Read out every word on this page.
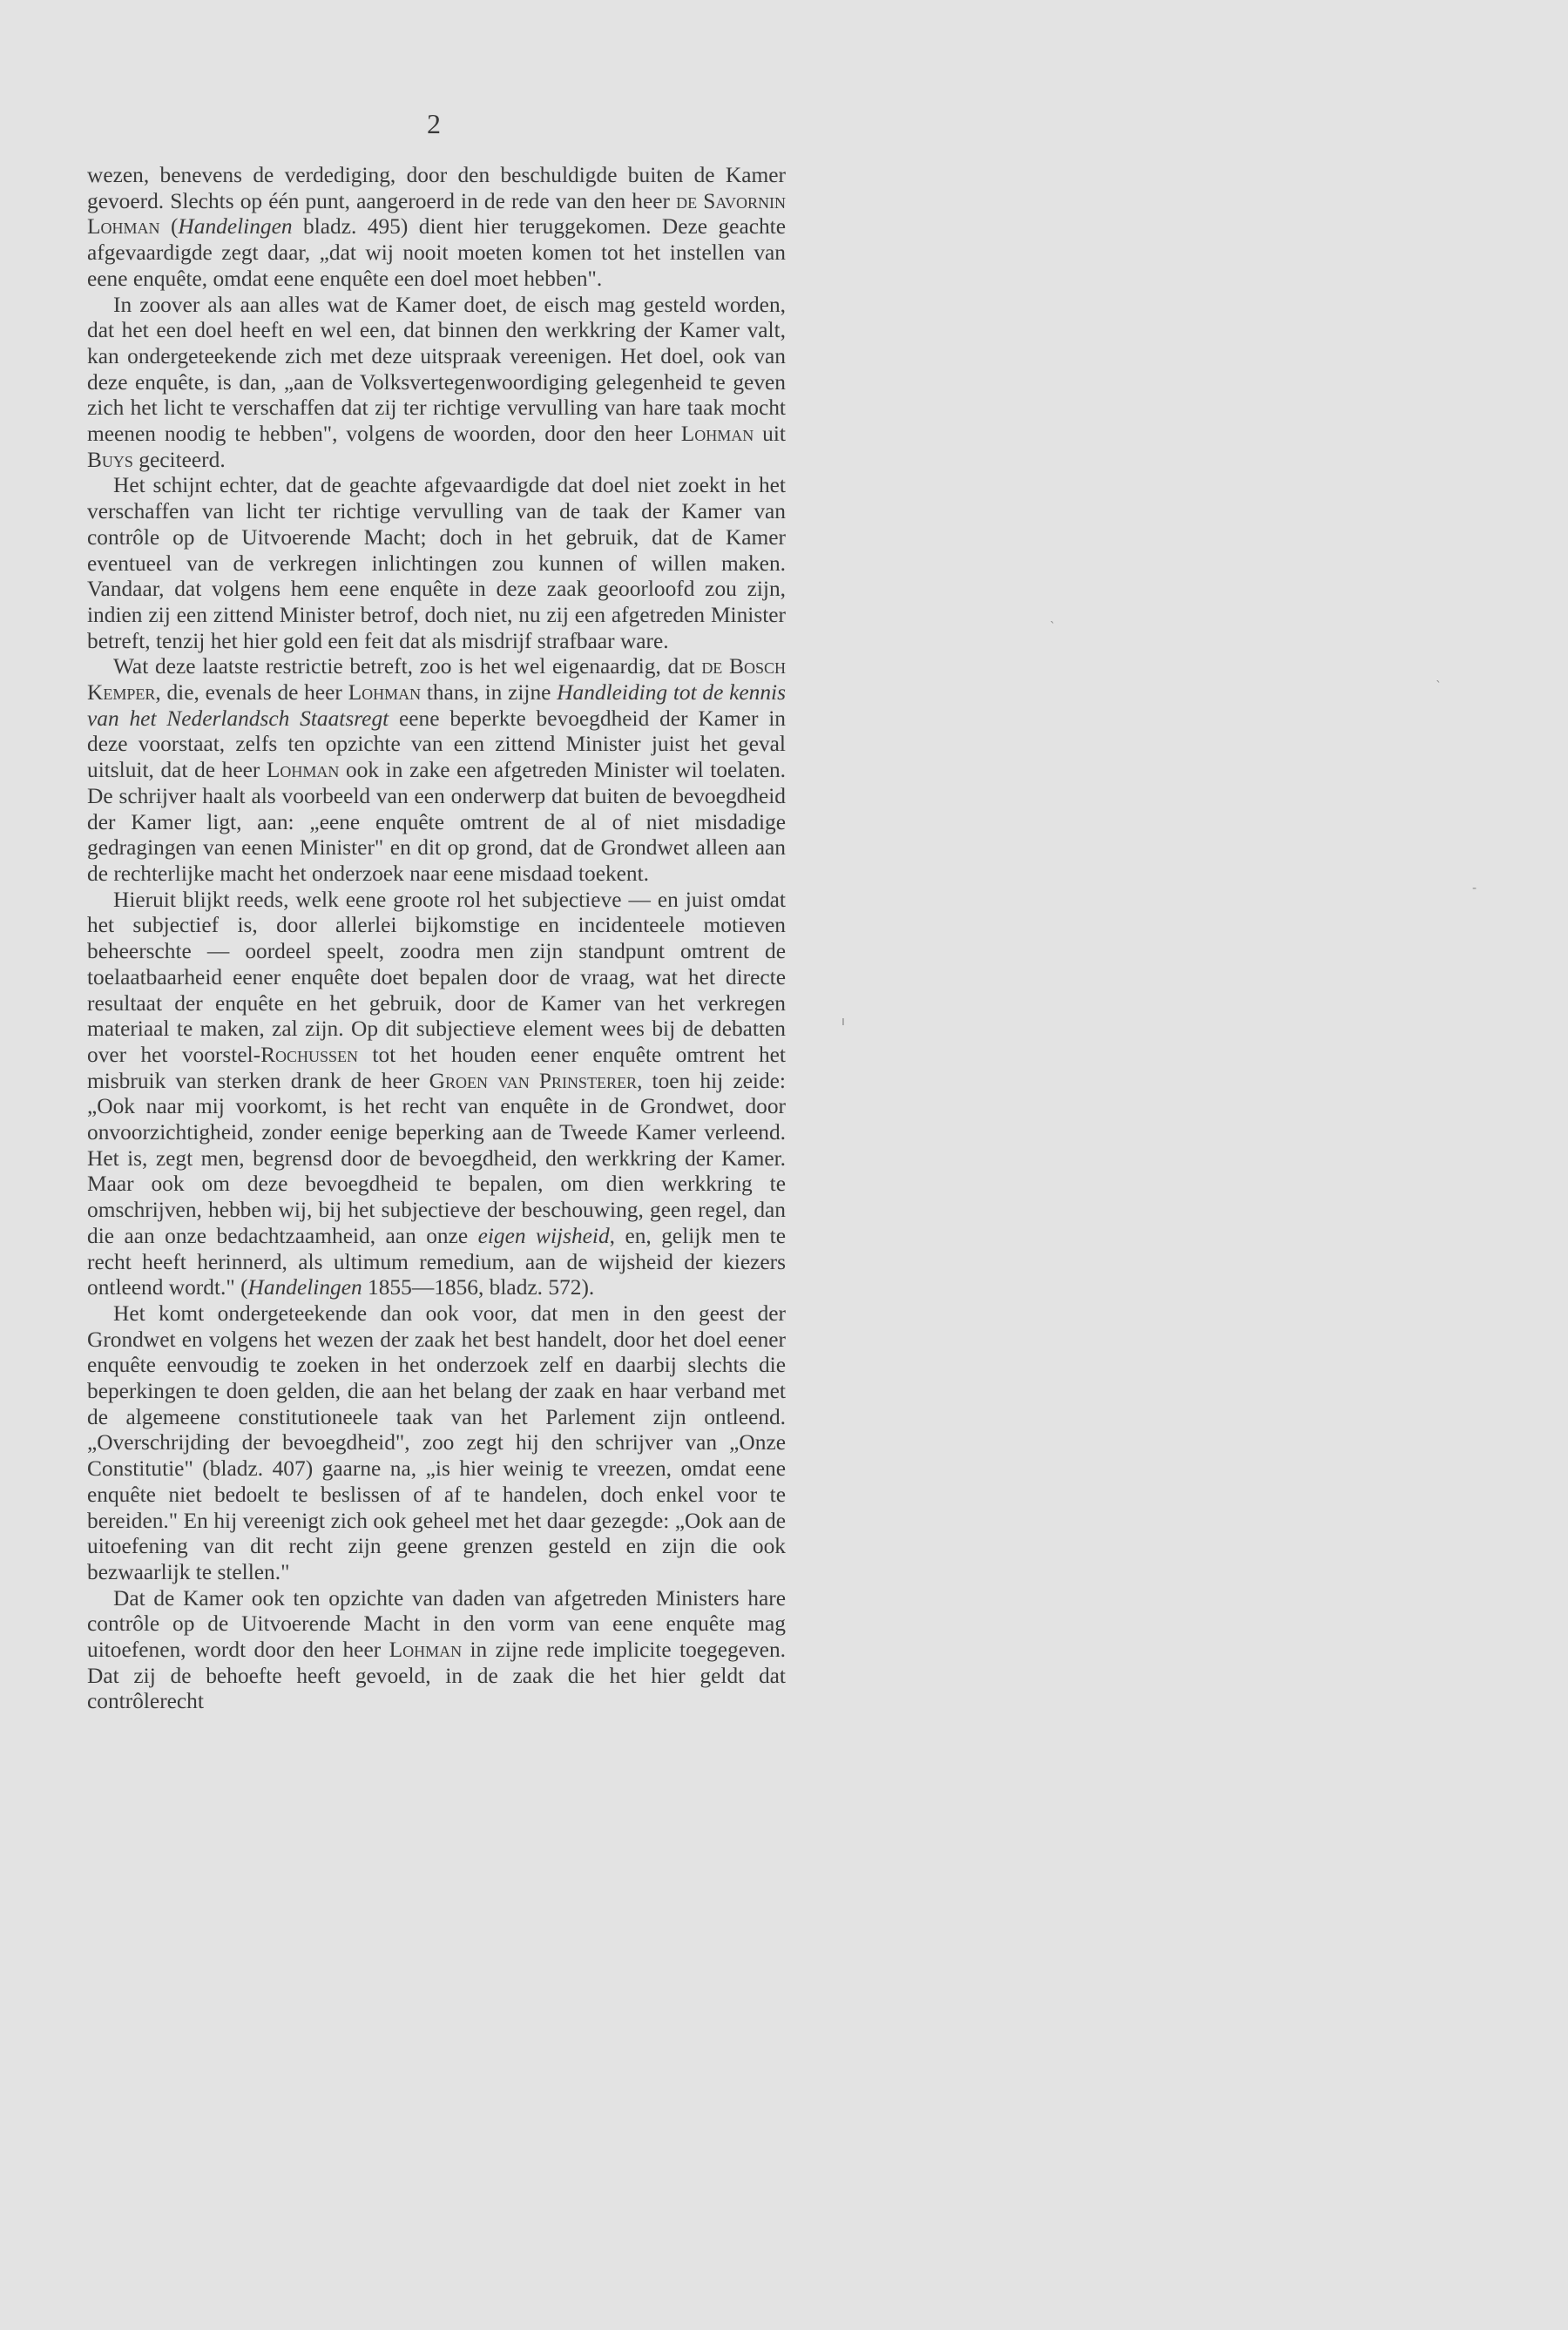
2

wezen, benevens de verdediging, door den beschuldigde buiten de Kamer gevoerd. Slechts op één punt, aangeroerd in de rede van den heer de Savornin Lohman (Handelingen bladz. 495) dient hier teruggekomen. Deze geachte afgevaardigde zegt daar, „dat wij nooit moeten komen tot het instellen van eene enquête, omdat eene enquête een doel moet hebben".

In zoover als aan alles wat de Kamer doet, de eisch mag gesteld worden, dat het een doel heeft en wel een, dat binnen den werkkring der Kamer valt, kan ondergeteekende zich met deze uitspraak vereenigen. Het doel, ook van deze enquête, is dan, „aan de Volksvertegenwoordiging gelegenheid te geven zich het licht te verschaffen dat zij ter richtige vervulling van hare taak mocht meenen noodig te hebben", volgens de woorden, door den heer Lohman uit Buys geciteerd.

Het schijnt echter, dat de geachte afgevaardigde dat doel niet zoekt in het verschaffen van licht ter richtige vervulling van de taak der Kamer van contrôle op de Uitvoerende Macht; doch in het gebruik, dat de Kamer eventueel van de verkregen inlichtingen zou kunnen of willen maken. Vandaar, dat volgens hem eene enquête in deze zaak geoorloofd zou zijn, indien zij een zittend Minister betrof, doch niet, nu zij een afgetreden Minister betreft, tenzij het hier gold een feit dat als misdrijf strafbaar ware.

Wat deze laatste restrictie betreft, zoo is het wel eigenaardig, dat de Bosch Kemper, die, evenals de heer Lohman thans, in zijne Handleiding tot de kennis van het Nederlandsch Staatsregt eene beperkte bevoegdheid der Kamer in deze voorstaat, zelfs ten opzichte van een zittend Minister juist het geval uitsluit, dat de heer Lohman ook in zake een afgetreden Minister wil toelaten. De schrijver haalt als voorbeeld van een onderwerp dat buiten de bevoegdheid der Kamer ligt, aan: „eene enquête omtrent de al of niet misdadige gedragingen van eenen Minister" en dit op grond, dat de Grondwet alleen aan de rechterlijke macht het onderzoek naar eene misdaad toekent.

Hieruit blijkt reeds, welk eene groote rol het subjectieve — en juist omdat het subjectief is, door allerlei bijkomstige en incidenteele motieven beheerschte — oordeel speelt, zoodra men zijn standpunt omtrent de toelaatbaarheid eener enquête doet bepalen door de vraag, wat het directe resultaat der enquête en het gebruik, door de Kamer van het verkregen materiaal te maken, zal zijn. Op dit subjectieve element wees bij de debatten over het voorstel-Rochussen tot het houden eener enquête omtrent het misbruik van sterken drank de heer Groen van Prinsterer, toen hij zeide: „Ook naar mij voorkomt, is het recht van enquête in de Grondwet, door onvoorzichtigheid, zonder eenige beperking aan de Tweede Kamer verleend. Het is, zegt men, begrensd door de bevoegdheid, den werkkring der Kamer. Maar ook om deze bevoegdheid te bepalen, om dien werkkring te omschrijven, hebben wij, bij het subjectieve der beschouwing, geen regel, dan die aan onze bedachtzaamheid, aan onze eigen wijsheid, en, gelijk men te recht heeft herinnerd, als ultimum remedium, aan de wijsheid der kiezers ontleend wordt." (Handelingen 1855—1856, bladz. 572).

Het komt ondergeteekende dan ook voor, dat men in den geest der Grondwet en volgens het wezen der zaak het best handelt, door het doel eener enquête eenvoudig te zoeken in het onderzoek zelf en daarbij slechts die beperkingen te doen gelden, die aan het belang der zaak en haar verband met de algemeene constitutioneele taak van het Parlement zijn ontleend. „Overschrijding der bevoegdheid", zoo zegt hij den schrijver van „Onze Constitutie" (bladz. 407) gaarne na, „is hier weinig te vreezen, omdat eene enquête niet bedoelt te beslissen of af te handelen, doch enkel voor te bereiden." En hij vereenigt zich ook geheel met het daar gezegde: „Ook aan de uitoefening van dit recht zijn geene grenzen gesteld en zijn die ook bezwaarlijk te stellen."

Dat de Kamer ook ten opzichte van daden van afgetreden Ministers hare contrôle op de Uitvoerende Macht in den vorm van eene enquête mag uitoefenen, wordt door den heer Lohman in zijne rede implicite toegegeven. Dat zij de behoefte heeft gevoeld, in de zaak die het hier geldt dat contrôlerecht

ˎ
ˎ
-
ı
